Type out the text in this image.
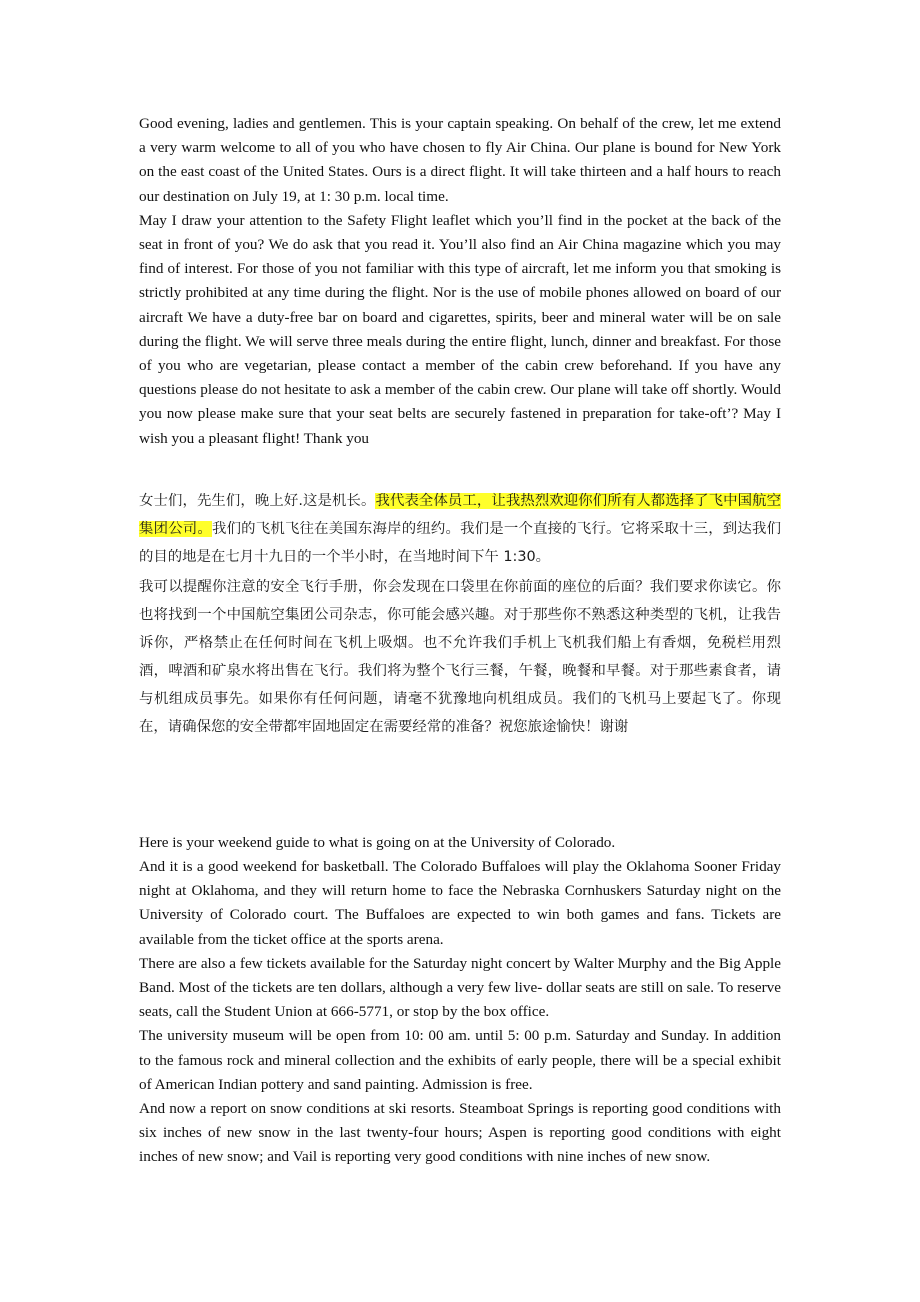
Good evening, ladies and gentlemen. This is your captain speaking. On behalf of the crew, let me extend a very warm welcome to all of you who have chosen to fly Air China. Our plane is bound for New York on the east coast of the United States. Ours is a direct flight. It will take thirteen and a half hours to reach our destination on July 19, at 1: 30 p.m. local time.

May I draw your attention to the Safety Flight leaflet which you’ll find in the pocket at the back of the seat in front of you? We do ask that you read it. You’ll also find an Air China magazine which you may find of interest. For those of you not familiar with this type of aircraft, let me inform you that smoking is strictly prohibited at any time during the flight. Nor is the use of mobile phones allowed on board of our aircraft We have a duty-free bar on board and cigarettes, spirits, beer and mineral water will be on sale during the flight. We will serve three meals during the entire flight, lunch, dinner and breakfast. For those of you who are vegetarian, please contact a member of the cabin crew beforehand. If you have any questions please do not hesitate to ask a member of the cabin crew. Our plane will take off shortly. Would you now please make sure that your seat belts are securely fastened in preparation for take-oft’? May I wish you a pleasant flight! Thank you

女士们，先生们，晚上好.这是机长。我代表全体员工，让我热烈欢迎你们所有人都选择了飞中国航空集团公司。我们的飞机飞往在美国东海岸的纽约。我们是一个直接的飞行。它将采取十三，到达我们的目的地是在七月十九日的一个半小时，在当地时间下午 1:30。

我可以提醒你注意的安全飞行手册，你会发现在口袋里在你前面的座位的后面？我们要求你读它。你也将找到一个中国航空集团公司杂志，你可能会感兴趣。对于那些你不熟悉这种类型的飞机，让我告诉你，严格禁止在任何时间在飞机上吸烟。也不允许我们手机上飞机我们船上有香烟，免税栏用烈酒，啤酒和矿泉水将出售在飞行。我们将为整个飞行三餐，午餐，晚餐和早餐。对于那些素食者，请与机组成员事先。如果你有任何问题，请毫不犹豫地向机组成员。我们的飞机马上要起飞了。你现在，请确保您的安全带都牢固地固定在需要经常的准备？祝您旅途愉快！谢谢

Here is your weekend guide to what is going on at the University of Colorado.

And it is a good weekend for basketball. The Colorado Buffaloes will play the Oklahoma Sooner Friday night at Oklahoma, and they will return home to face the Nebraska Cornhuskers Saturday night on the University of Colorado court. The Buffaloes are expected to win both games and fans. Tickets are available from the ticket office at the sports arena.

There are also a few tickets available for the Saturday night concert by Walter Murphy and the Big Apple Band. Most of the tickets are ten dollars, although a very few live- dollar seats are still on sale. To reserve seats, call the Student Union at 666-5771, or stop by the box office.

The university museum will be open from 10: 00 am. until 5: 00 p.m. Saturday and Sunday. In addition to the famous rock and mineral collection and the exhibits of early people, there will be a special exhibit of American Indian pottery and sand painting. Admission is free.

And now a report on snow conditions at ski resorts. Steamboat Springs is reporting good conditions with six inches of new snow in the last twenty-four hours; Aspen is reporting good conditions with eight inches of new snow; and Vail is reporting very good conditions with nine inches of new snow.
